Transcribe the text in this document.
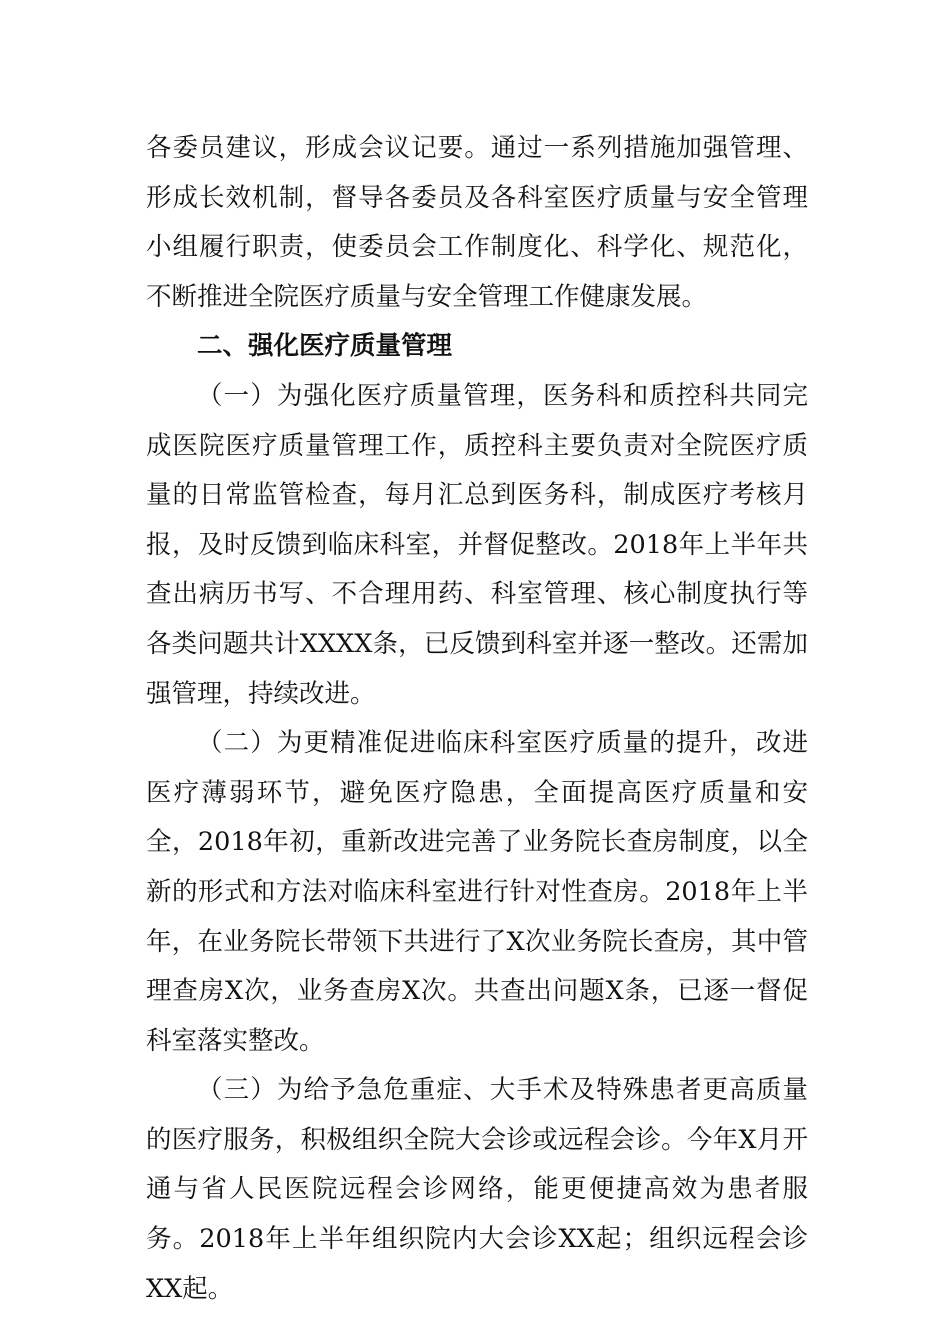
各委员建议，形成会议记要。通过一系列措施加强管理、形成长效机制，督导各委员及各科室医疗质量与安全管理小组履行职责，使委员会工作制度化、科学化、规范化，不断推进全院医疗质量与安全管理工作健康发展。

二、强化医疗质量管理

（一）为强化医疗质量管理，医务科和质控科共同完成医院医疗质量管理工作，质控科主要负责对全院医疗质量的日常监管检查，每月汇总到医务科，制成医疗考核月报，及时反馈到临床科室，并督促整改。2018年上半年共查出病历书写、不合理用药、科室管理、核心制度执行等各类问题共计XXXX条，已反馈到科室并逐一整改。还需加强管理，持续改进。

（二）为更精准促进临床科室医疗质量的提升，改进医疗薄弱环节，避免医疗隐患，全面提高医疗质量和安全，2018年初，重新改进完善了业务院长查房制度，以全新的形式和方法对临床科室进行针对性查房。2018年上半年，在业务院长带领下共进行了X次业务院长查房，其中管理查房X次，业务查房X次。共查出问题X条，已逐一督促科室落实整改。

（三）为给予急危重症、大手术及特殊患者更高质量的医疗服务，积极组织全院大会诊或远程会诊。今年X月开通与省人民医院远程会诊网络，能更便捷高效为患者服务。2018年上半年组织院内大会诊XX起；组织远程会诊XX起。
